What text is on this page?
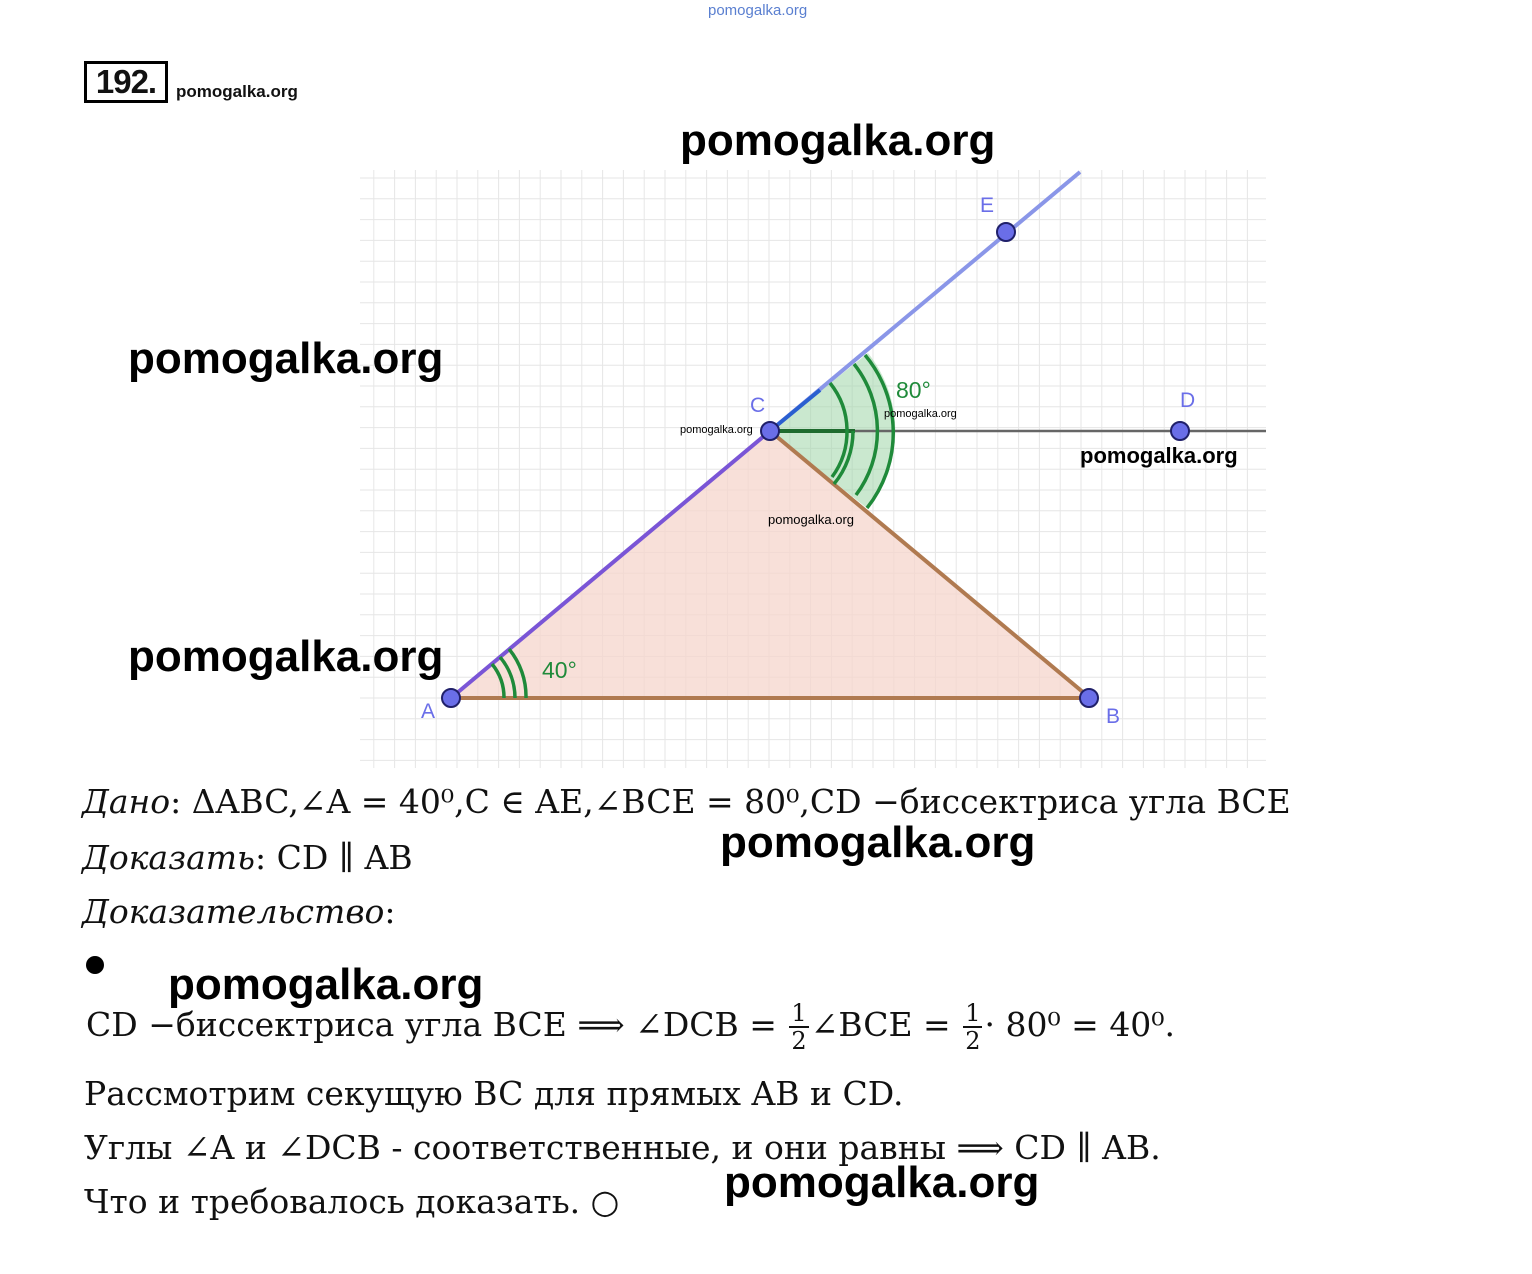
pomogalka.org
192.	pomogalka.org
pomogalka.org
A	B
C	D
E
80°
40°
pomogalka.org
pomogalka.org
pomogalka.org
pomogalka.org
pomogalka.org
pomogalka.org
Дано: ΔABC,∠A = 40⁰,C ∈ AE,∠BCE = 80⁰,CD −биссектриса угла BCE
pomogalka.org
Доказать: CD ∥ AB
Доказательство:
pomogalka.org
CD −биссектриса угла BCE ⟹ ∠DCB = $\frac{1}{2}$ ∠BCE = $\frac{1}{2} \cdot 80^0 = 40^0$.
Рассмотрим секущую BC для прямых AB и CD.
Углы ∠A и ∠DCB - соответственные, и они равны ⟹ CD ∥ AB.
pomogalka.org
Что и требовалось доказать. ○
